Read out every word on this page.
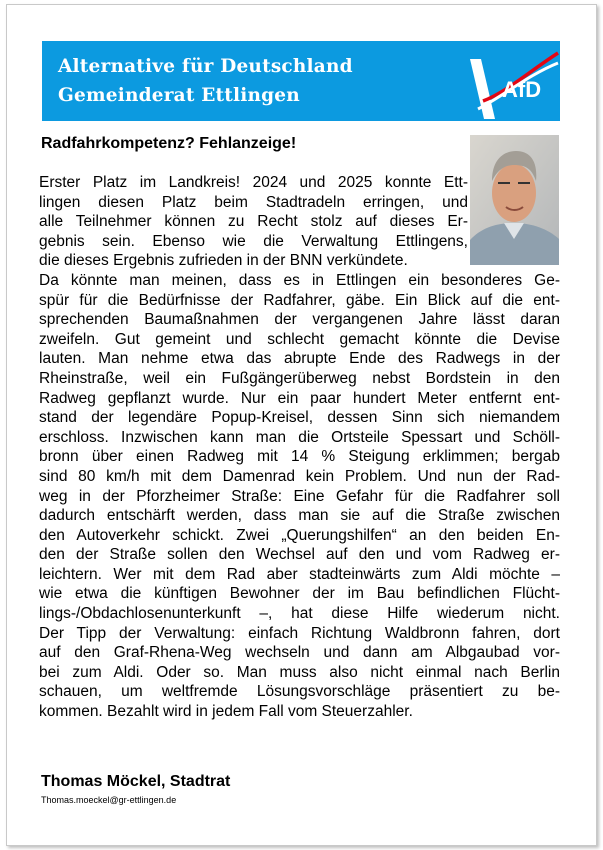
Alternative für Deutschland
Gemeinderat Ettlingen	AfD
Radfahrkompetenz? Fehlanzeige!
Erster Platz im Landkreis! 2024 und 2025 konnte Ett-
lingen diesen Platz beim Stadtradeln erringen, und
alle Teilnehmer können zu Recht stolz auf dieses Er-
gebnis sein. Ebenso wie die Verwaltung Ettlingens,
die dieses Ergebnis zufrieden in der BNN verkündete.
Da könnte man meinen, dass es in Ettlingen ein besonderes Ge-
spür für die Bedürfnisse der Radfahrer, gäbe. Ein Blick auf die ent-
sprechenden Baumaßnahmen der vergangenen Jahre lässt daran
zweifeln. Gut gemeint und schlecht gemacht könnte die Devise
lauten. Man nehme etwa das abrupte Ende des Radwegs in der
Rheinstraße, weil ein Fußgängerüberweg nebst Bordstein in den
Radweg gepflanzt wurde. Nur ein paar hundert Meter entfernt ent-
stand der legendäre Popup-Kreisel, dessen Sinn sich niemandem
erschloss. Inzwischen kann man die Ortsteile Spessart und Schöll-
bronn über einen Radweg mit 14 % Steigung erklimmen; bergab
sind 80 km/h mit dem Damenrad kein Problem. Und nun der Rad-
weg in der Pforzheimer Straße: Eine Gefahr für die Radfahrer soll
dadurch entschärft werden, dass man sie auf die Straße zwischen
den Autoverkehr schickt. Zwei „Querungshilfen“ an den beiden En-
den der Straße sollen den Wechsel auf den und vom Radweg er-
leichtern. Wer mit dem Rad aber stadteinwärts zum Aldi möchte –
wie etwa die künftigen Bewohner der im Bau befindlichen Flücht-
lings-/Obdachlosenunterkunft –, hat diese Hilfe wiederum nicht.
Der Tipp der Verwaltung: einfach Richtung Waldbronn fahren, dort
auf den Graf-Rhena-Weg wechseln und dann am Albgaubad vor-
bei zum Aldi. Oder so. Man muss also nicht einmal nach Berlin
schauen, um weltfremde Lösungsvorschläge präsentiert zu be-
kommen. Bezahlt wird in jedem Fall vom Steuerzahler.
Thomas Möckel, Stadtrat
Thomas.moeckel@gr-ettlingen.de
